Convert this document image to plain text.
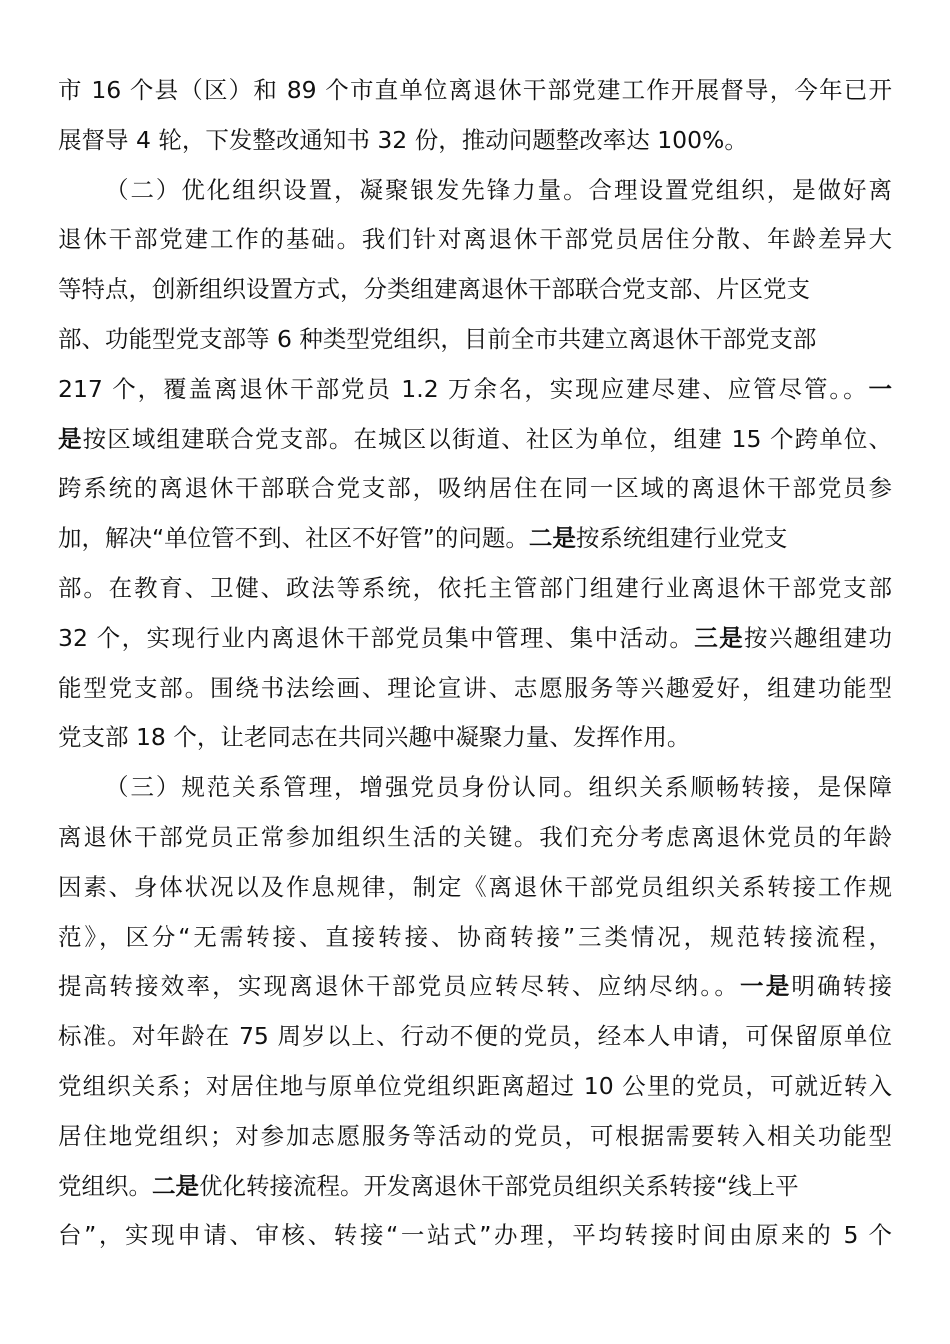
市 16 个县（区）和 89 个市直单位离退休干部党建工作开展督导，今年已开
展督导 4 轮，下发整改通知书 32 份，推动问题整改率达 100%。
（二）优化组织设置，凝聚银发先锋力量。合理设置党组织，是做好离
退休干部党建工作的基础。我们针对离退休干部党员居住分散、年龄差异大
等特点，创新组织设置方式，分类组建离退休干部联合党支部、片区党支
部、功能型党支部等 6 种类型党组织，目前全市共建立离退休干部党支部
217 个，覆盖离退休干部党员 1.2 万余名，实现应建尽建、应管尽管。。一
是按区域组建联合党支部。在城区以街道、社区为单位，组建 15 个跨单位、
跨系统的离退休干部联合党支部，吸纳居住在同一区域的离退休干部党员参
加，解决“单位管不到、社区不好管”的问题。二是按系统组建行业党支
部。在教育、卫健、政法等系统，依托主管部门组建行业离退休干部党支部
32 个，实现行业内离退休干部党员集中管理、集中活动。三是按兴趣组建功
能型党支部。围绕书法绘画、理论宣讲、志愿服务等兴趣爱好，组建功能型
党支部 18 个，让老同志在共同兴趣中凝聚力量、发挥作用。
（三）规范关系管理，增强党员身份认同。组织关系顺畅转接，是保障
离退休干部党员正常参加组织生活的关键。我们充分考虑离退休党员的年龄
因素、身体状况以及作息规律，制定《离退休干部党员组织关系转接工作规
范》，区分“无需转接、直接转接、协商转接”三类情况，规范转接流程，
提高转接效率，实现离退休干部党员应转尽转、应纳尽纳。。一是明确转接
标准。对年龄在 75 周岁以上、行动不便的党员，经本人申请，可保留原单位
党组织关系；对居住地与原单位党组织距离超过 10 公里的党员，可就近转入
居住地党组织；对参加志愿服务等活动的党员，可根据需要转入相关功能型
党组织。二是优化转接流程。开发离退休干部党员组织关系转接“线上平
台”，实现申请、审核、转接“一站式”办理，平均转接时间由原来的 5 个
